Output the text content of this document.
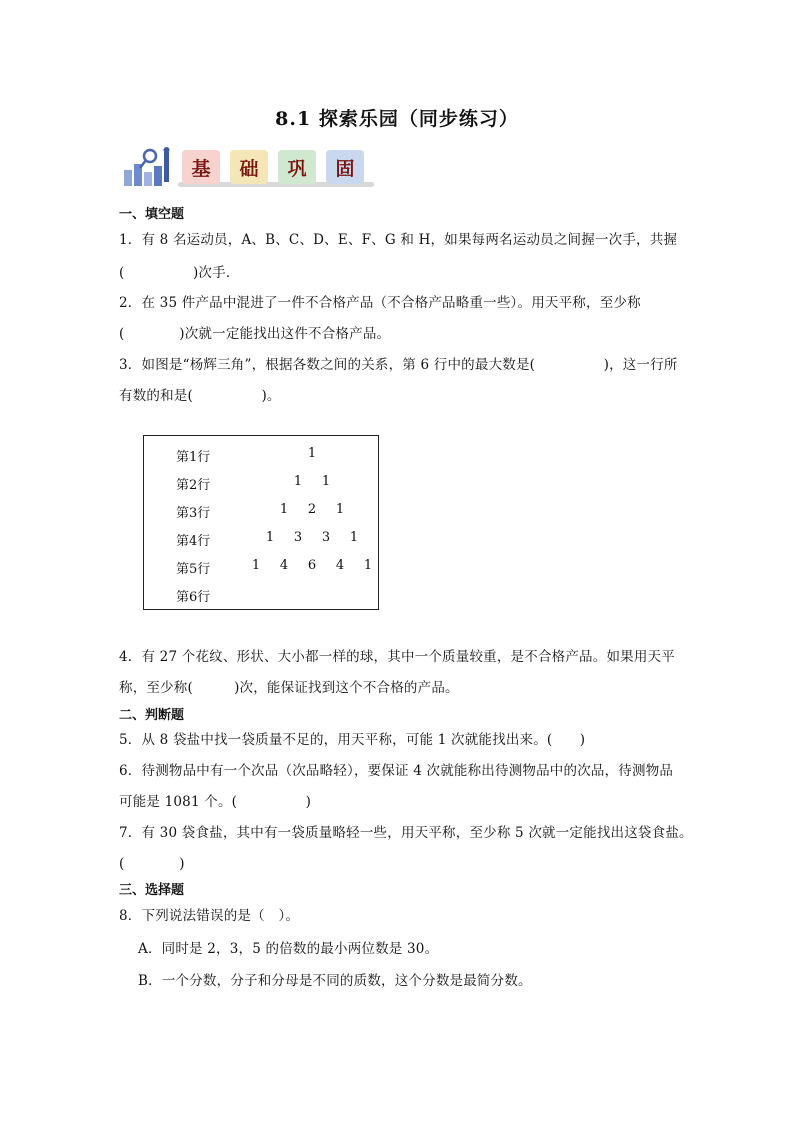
8.1 探索乐园（同步练习）
基	础	巩	固
一、填空题
1．有 8 名运动员，A、B、C、D、E、F、G 和 H，如果每两名运动员之间握一次手，共握
(　　　　　)次手．
2．在 35 件产品中混进了一件不合格产品（不合格产品略重一些）。用天平称，至少称
(　　　　)次就一定能找出这件不合格产品。
3．如图是“杨辉三角”，根据各数之间的关系，第 6 行中的最大数是(　　　　　)，这一行所
有数的和是(　　　　　)。
第1行	1
第2行	1 1
第3行	1 2 1
第4行	1 3 3 1
第5行	1 4 6 4 1
第6行
4．有 27 个花纹、形状、大小都一样的球，其中一个质量较重，是不合格产品。如果用天平
称，至少称(　　　)次，能保证找到这个不合格的产品。
二、判断题
5．从 8 袋盐中找一袋质量不足的，用天平称，可能 1 次就能找出来。(　　)
6．待测物品中有一个次品（次品略轻），要保证 4 次就能称出待测物品中的次品，待测物品
可能是 1081 个。(　　　　　)
7．有 30 袋食盐，其中有一袋质量略轻一些，用天平称，至少称 5 次就一定能找出这袋食盐。
(　　　　)
三、选择题
8．下列说法错误的是（　）。
A．同时是 2，3，5 的倍数的最小两位数是 30。
B．一个分数，分子和分母是不同的质数，这个分数是最简分数。
